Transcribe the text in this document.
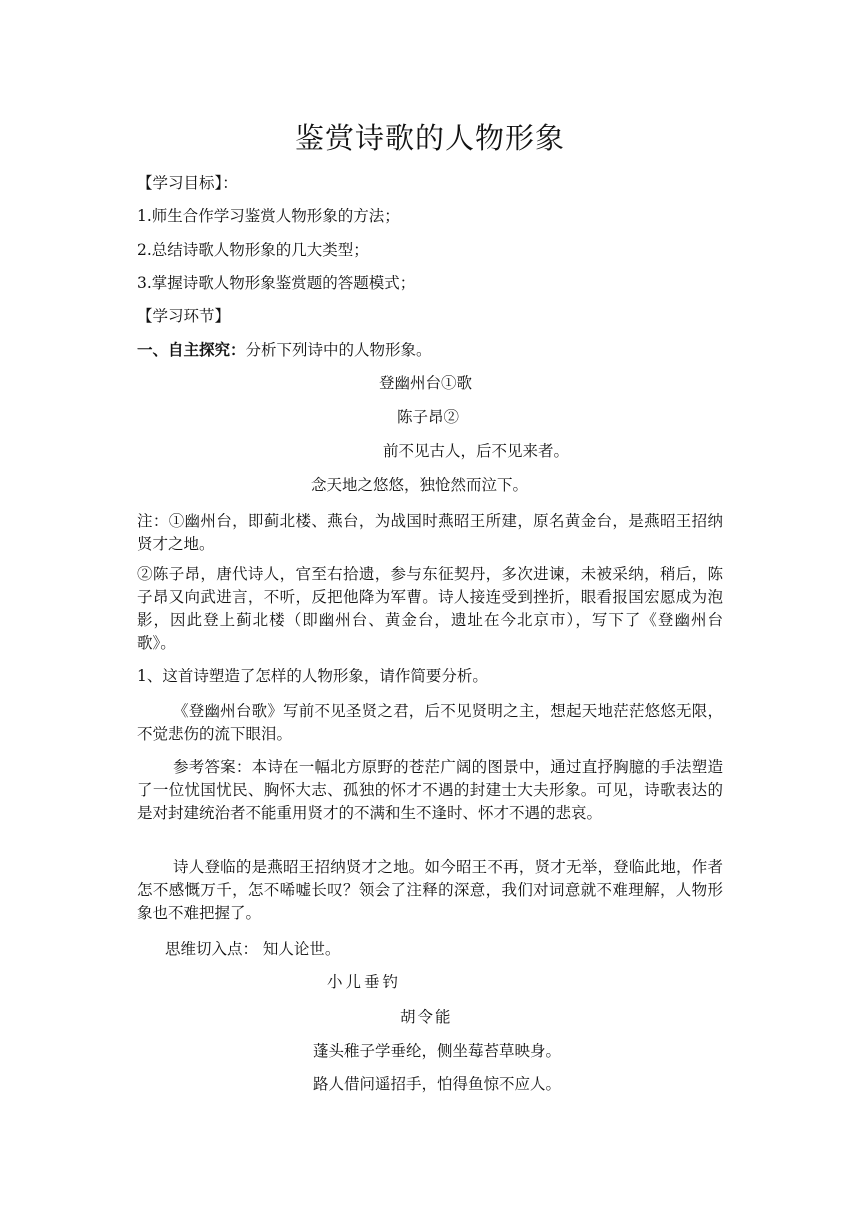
鉴赏诗歌的人物形象
【学习目标】：
1.师生合作学习鉴赏人物形象的方法；
2.总结诗歌人物形象的几大类型；
3.掌握诗歌人物形象鉴赏题的答题模式；
【学习环节】
一、自主探究：分析下列诗中的人物形象。
登幽州台①歌
陈子昂②
前不见古人，后不见来者。
念天地之悠悠，独怆然而泣下。
注：①幽州台，即蓟北楼、燕台，为战国时燕昭王所建，原名黄金台，是燕昭王招纳贤才之地。
②陈子昂，唐代诗人，官至右拾遗，参与东征契丹，多次进谏，未被采纳，稍后，陈子昂又向武进言，不听，反把他降为军曹。诗人接连受到挫折，眼看报国宏愿成为泡影，因此登上蓟北楼（即幽州台、黄金台，遗址在今北京市），写下了《登幽州台歌》。
1、这首诗塑造了怎样的人物形象，请作简要分析。
《登幽州台歌》写前不见圣贤之君，后不见贤明之主，想起天地茫茫悠悠无限，不觉悲伤的流下眼泪。
参考答案：本诗在一幅北方原野的苍茫广阔的图景中，通过直抒胸臆的手法塑造了一位忧国忧民、胸怀大志、孤独的怀才不遇的封建士大夫形象。可见，诗歌表达的是对封建统治者不能重用贤才的不满和生不逢时、怀才不遇的悲哀。
诗人登临的是燕昭王招纳贤才之地。如今昭王不再，贤才无举，登临此地，作者怎不感慨万千，怎不唏嘘长叹？领会了注释的深意，我们对词意就不难理解，人物形象也不难把握了。
思维切入点： 知人论世。
小儿垂钓
胡令能
蓬头稚子学垂纶，侧坐莓苔草映身。
路人借问遥招手，怕得鱼惊不应人。
